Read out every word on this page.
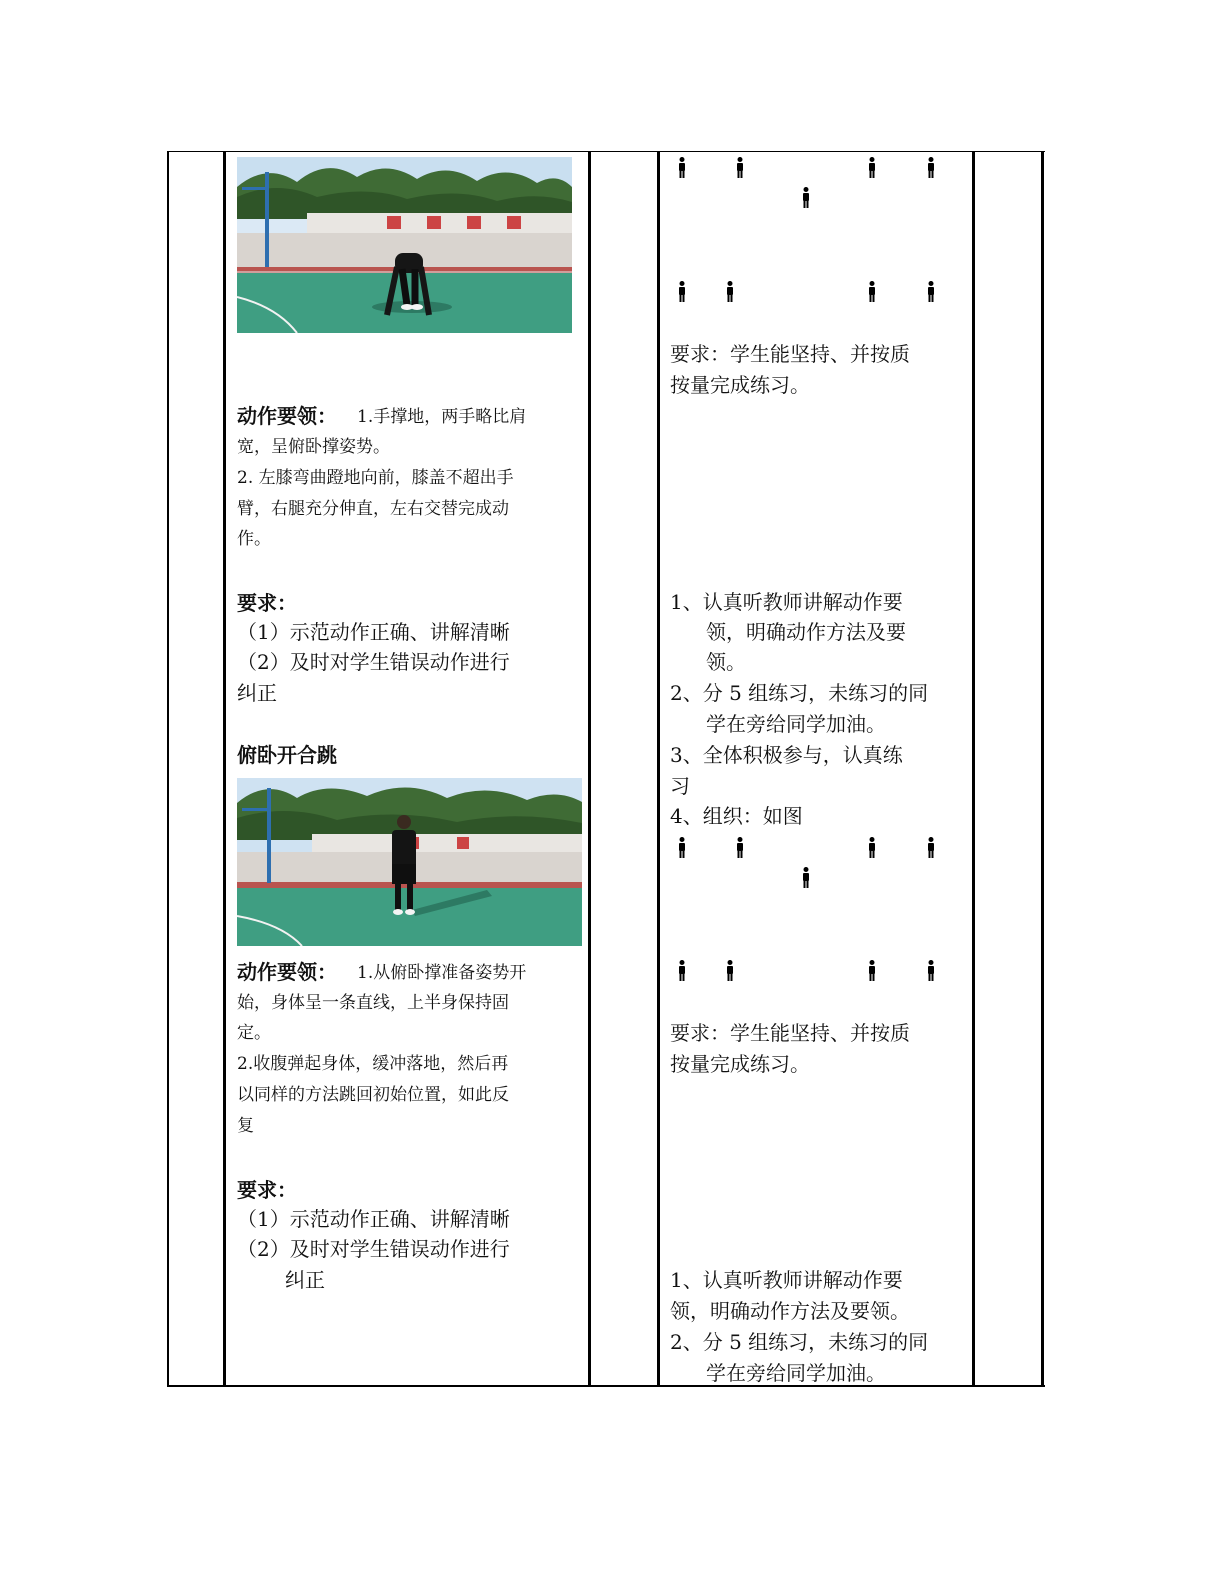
动作要领： 1.手撑地，两手略比肩
宽，呈俯卧撑姿势。
2. 左膝弯曲蹬地向前，膝盖不超出手
臂，右腿充分伸直，左右交替完成动
作。
要求：
（1）示范动作正确、讲解清晰
（2）及时对学生错误动作进行
纠正
俯卧开合跳
动作要领： 1.从俯卧撑准备姿势开
始，身体呈一条直线，上半身保持固
定。
2.收腹弹起身体，缓冲落地，然后再
以同样的方法跳回初始位置，如此反
复
要求：
（1）示范动作正确、讲解清晰
（2）及时对学生错误动作进行
纠正
要求：学生能坚持、并按质
按量完成练习。
1、认真听教师讲解动作要
领，明确动作方法及要
领。
2、分 5 组练习，未练习的同
学在旁给同学加油。
3、全体积极参与，认真练
习
4、组织：如图
要求：学生能坚持、并按质
按量完成练习。
1、认真听教师讲解动作要
领，明确动作方法及要领。
2、分 5 组练习，未练习的同
学在旁给同学加油。
